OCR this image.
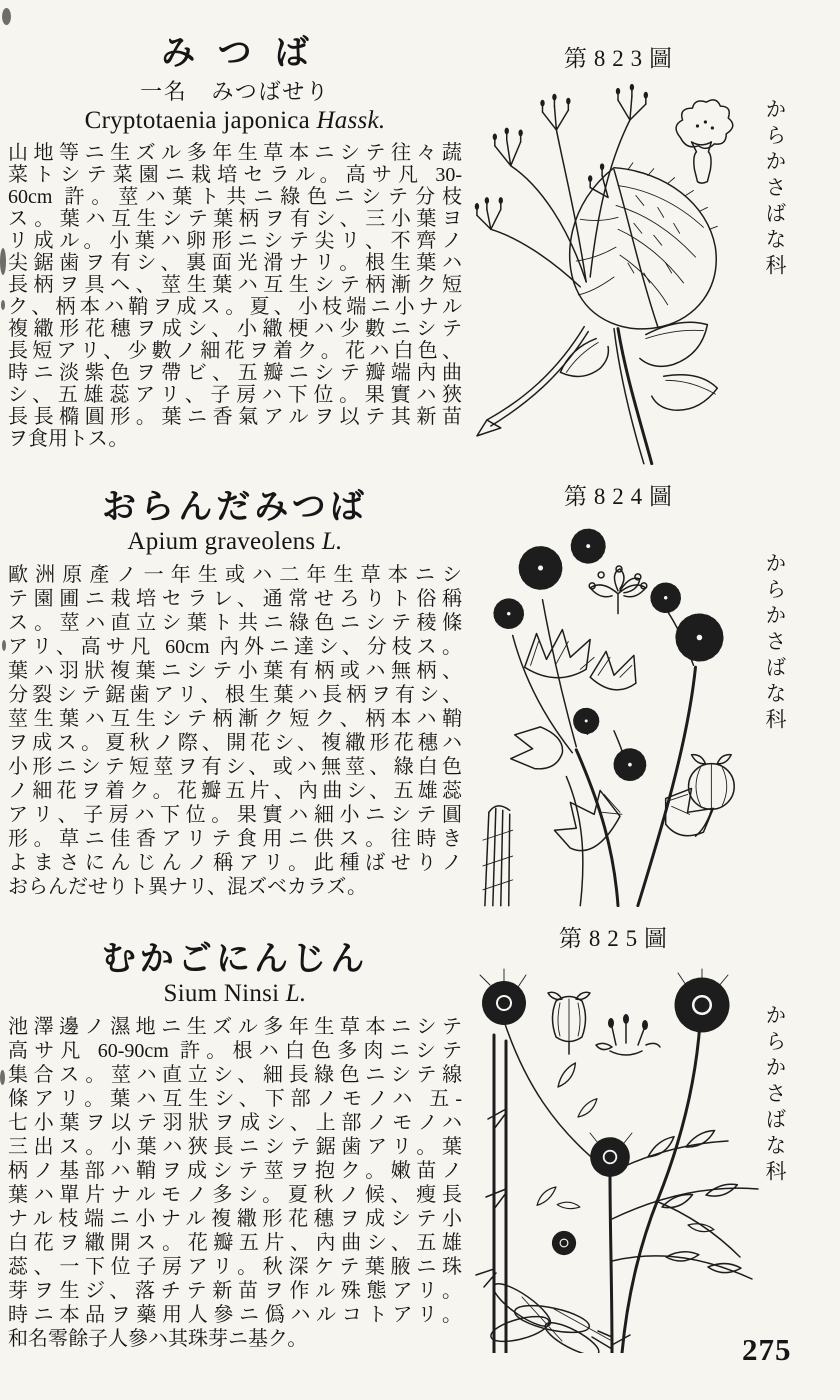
みつば
一名　みつばせり
Cryptotaenia japonica Hassk.
山地等ニ生ズル多年生草本ニシテ往々蔬
菜トシテ菜園ニ栽培セラル。高サ凡 30-
60cm 許。莖ハ葉ト共ニ綠色ニシテ分枝
ス。葉ハ互生シテ葉柄ヲ有シ、三小葉ヨ
リ成ル。小葉ハ卵形ニシテ尖リ、不齊ノ
尖鋸歯ヲ有シ、裏面光滑ナリ。根生葉ハ
長柄ヲ具ヘ、莖生葉ハ互生シテ柄漸ク短
ク、柄本ハ鞘ヲ成ス。夏、小枝端ニ小ナル
複繖形花穗ヲ成シ、小繖梗ハ少數ニシテ
長短アリ、少數ノ細花ヲ着ク。花ハ白色、
時ニ淡紫色ヲ帶ビ、五瓣ニシテ瓣端內曲
シ、五雄蕊アリ、子房ハ下位。果實ハ狹
長長橢圓形。葉ニ香氣アルヲ以テ其新苗
ヲ食用トス。
おらんだみつば
Apium graveolens L.
歐洲原產ノ一年生或ハ二年生草本ニシ
テ園圃ニ栽培セラレ、通常せろりト俗稱
ス。莖ハ直立シ葉ト共ニ綠色ニシテ稜條
アリ、高サ凡 60cm 內外ニ達シ、分枝ス。
葉ハ羽狀複葉ニシテ小葉有柄或ハ無柄、
分裂シテ鋸歯アリ、根生葉ハ長柄ヲ有シ、
莖生葉ハ互生シテ柄漸ク短ク、柄本ハ鞘
ヲ成ス。夏秋ノ際、開花シ、複繖形花穗ハ
小形ニシテ短莖ヲ有シ、或ハ無莖、綠白色
ノ細花ヲ着ク。花瓣五片、內曲シ、五雄蕊
アリ、子房ハ下位。果實ハ細小ニシテ圓
形。草ニ佳香アリテ食用ニ供ス。往時き
よまさにんじんノ稱アリ。此種ばせりノ
おらんだせりト異ナリ、混ズベカラズ。
むかごにんじん
Sium Ninsi L.
池澤邊ノ濕地ニ生ズル多年生草本ニシテ
高サ凡 60-90cm 許。根ハ白色多肉ニシテ
集合ス。莖ハ直立シ、細長綠色ニシテ線
條アリ。葉ハ互生シ、下部ノモノハ 五-
七小葉ヲ以テ羽狀ヲ成シ、上部ノモノハ
三出ス。小葉ハ狹長ニシテ鋸歯アリ。葉
柄ノ基部ハ鞘ヲ成シテ莖ヲ抱ク。嫩苗ノ
葉ハ單片ナルモノ多シ。夏秋ノ候、瘦長
ナル枝端ニ小ナル複繖形花穗ヲ成シテ小
白花ヲ繖開ス。花瓣五片、內曲シ、五雄
蕊、一下位子房アリ。秋深ケテ葉腋ニ珠
芽ヲ生ジ、落チテ新苗ヲ作ル殊態アリ。
時ニ本品ヲ藥用人參ニ僞ハルコトアリ。
和名零餘子人參ハ其珠芽ニ基ク。
第823圖
第824圖
第825圖
からかさばな科
からかさばな科
からかさばな科
275
